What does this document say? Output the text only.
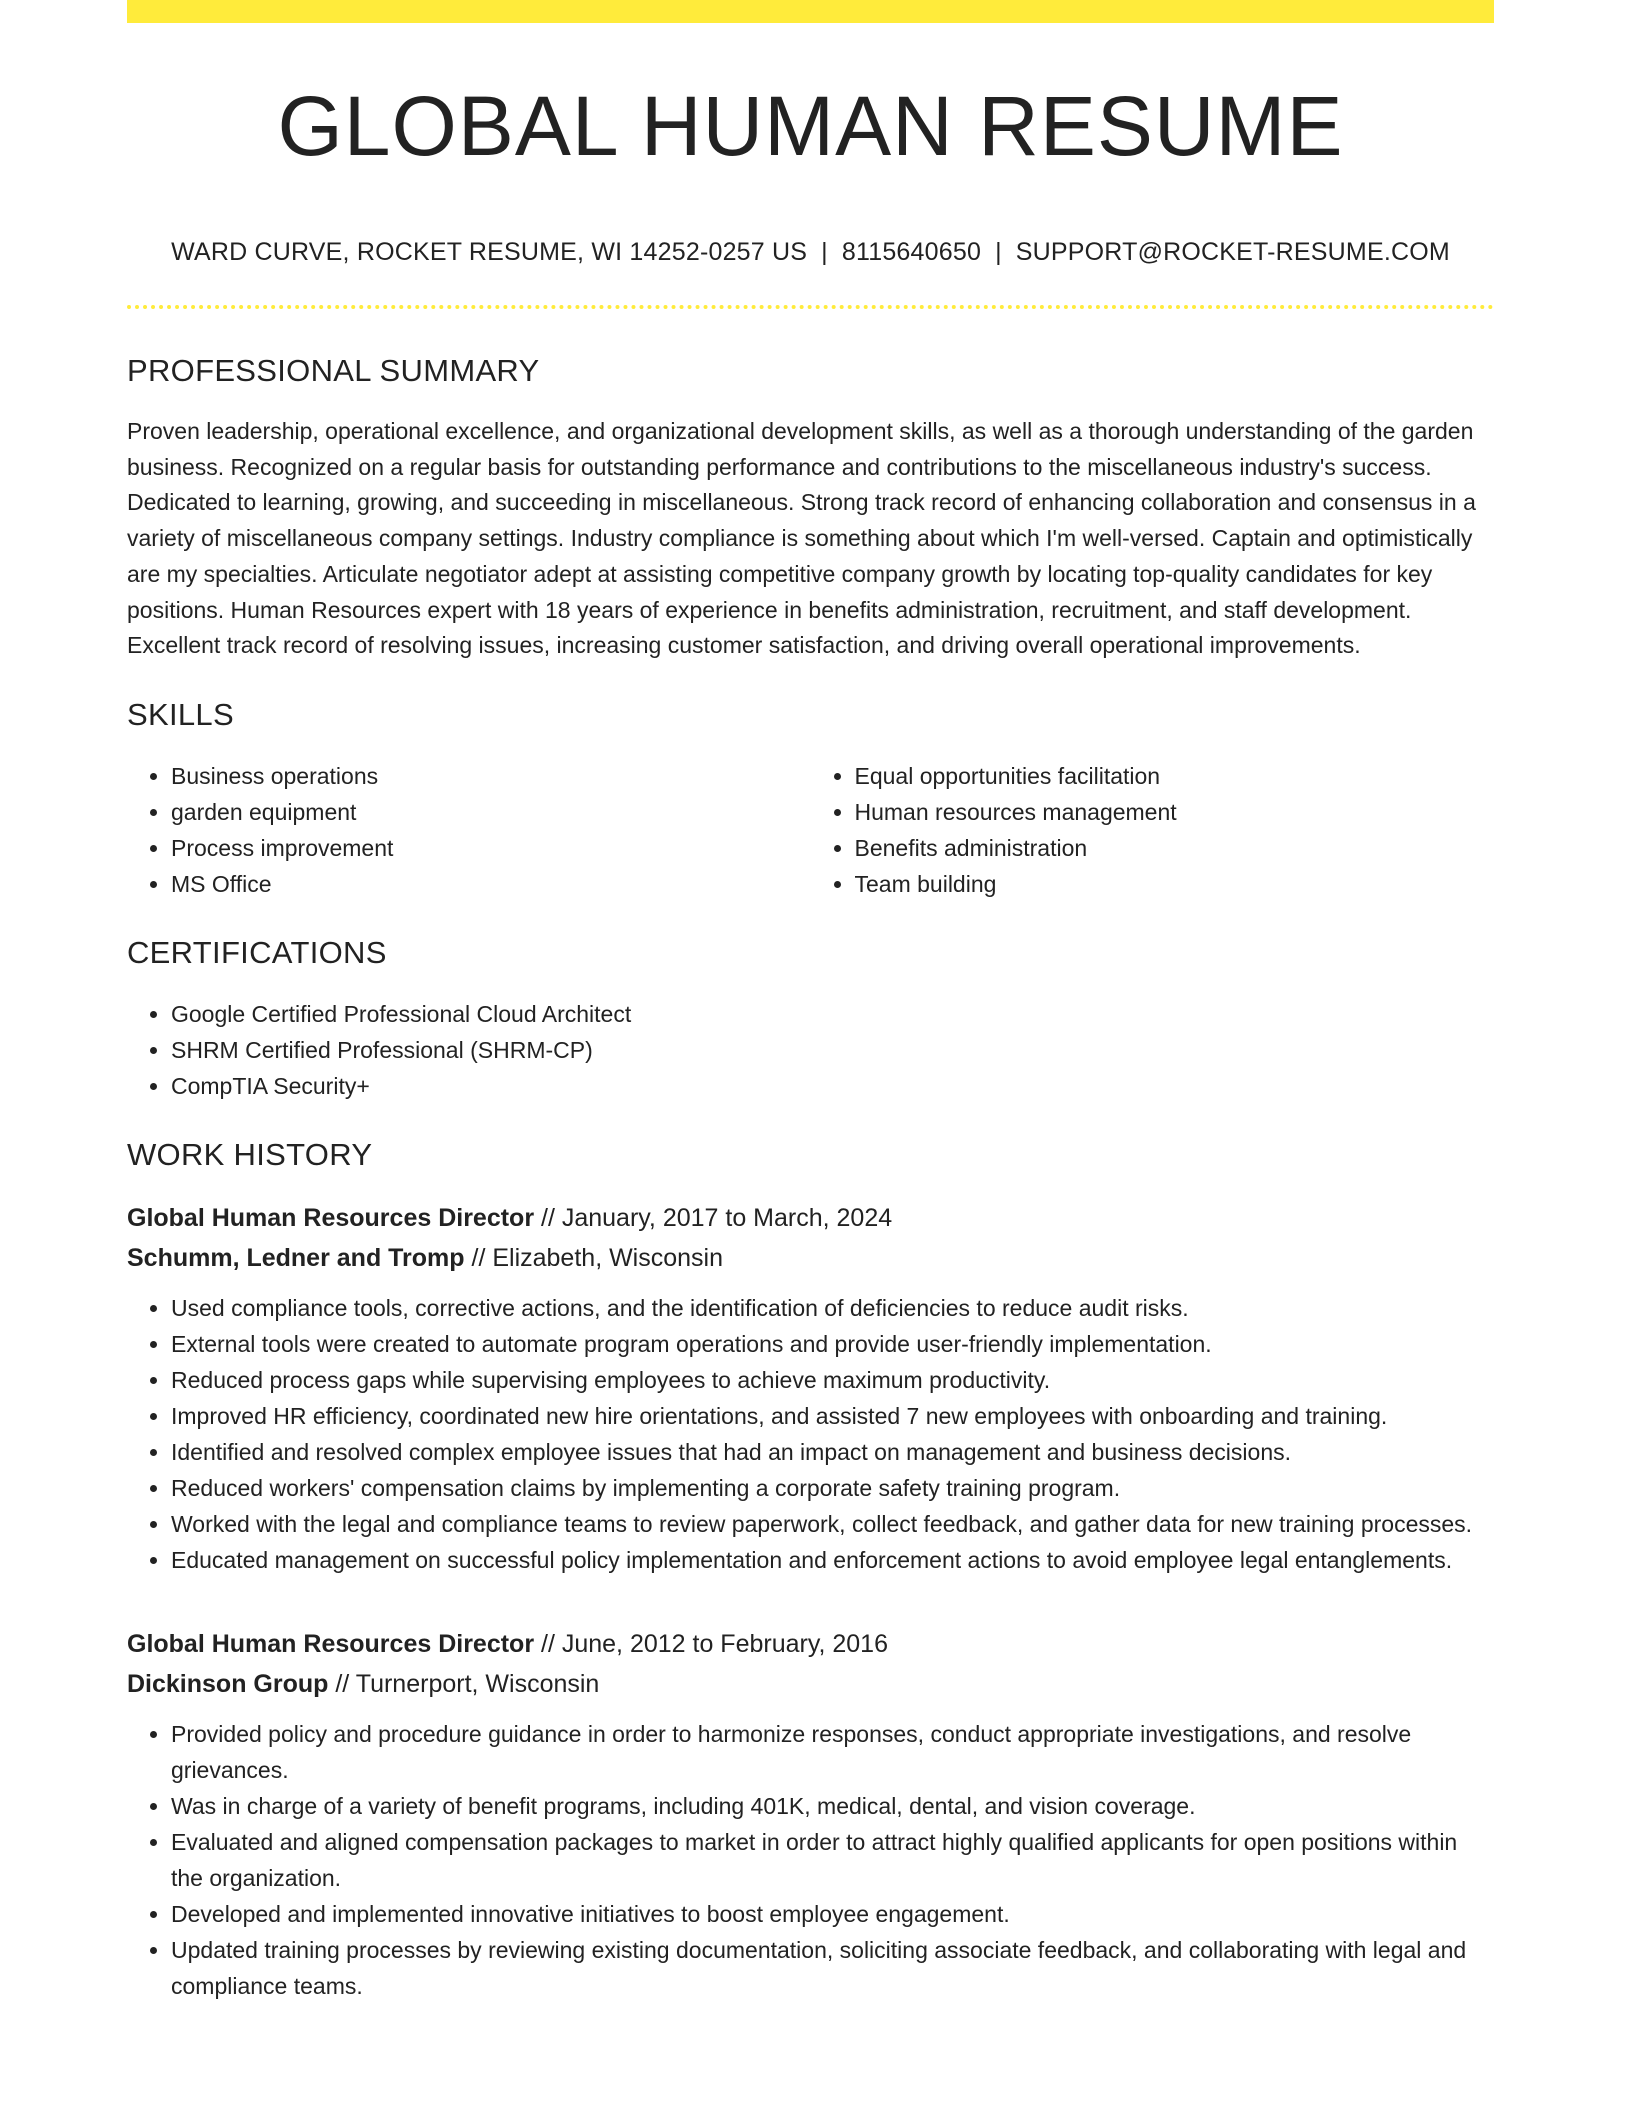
GLOBAL HUMAN RESUME
WARD CURVE, ROCKET RESUME, WI 14252-0257 US | 8115640650 | SUPPORT@ROCKET-RESUME.COM
PROFESSIONAL SUMMARY

Proven leadership, operational excellence, and organizational development skills, as well as a thorough understanding of the garden business. Recognized on a regular basis for outstanding performance and contributions to the miscellaneous industry's success. Dedicated to learning, growing, and succeeding in miscellaneous. Strong track record of enhancing collaboration and consensus in a variety of miscellaneous company settings. Industry compliance is something about which I'm well-versed. Captain and optimistically are my specialties. Articulate negotiator adept at assisting competitive company growth by locating top-quality candidates for key positions. Human Resources expert with 18 years of experience in benefits administration, recruitment, and staff development. Excellent track record of resolving issues, increasing customer satisfaction, and driving overall operational improvements.

SKILLS
• Business operations
• garden equipment
• Process improvement
• MS Office
• Equal opportunities facilitation
• Human resources management
• Benefits administration
• Team building
CERTIFICATIONS
• Google Certified Professional Cloud Architect
• SHRM Certified Professional (SHRM-CP)
• CompTIA Security+
WORK HISTORY
Global Human Resources Director // January, 2017 to March, 2024
Schumm, Ledner and Tromp // Elizabeth, Wisconsin
• Used compliance tools, corrective actions, and the identification of deficiencies to reduce audit risks.
• External tools were created to automate program operations and provide user-friendly implementation.
• Reduced process gaps while supervising employees to achieve maximum productivity.
• Improved HR efficiency, coordinated new hire orientations, and assisted 7 new employees with onboarding and training.
• Identified and resolved complex employee issues that had an impact on management and business decisions.
• Reduced workers' compensation claims by implementing a corporate safety training program.
• Worked with the legal and compliance teams to review paperwork, collect feedback, and gather data for new training processes.
• Educated management on successful policy implementation and enforcement actions to avoid employee legal entanglements.
Global Human Resources Director // June, 2012 to February, 2016
Dickinson Group // Turnerport, Wisconsin
• Provided policy and procedure guidance in order to harmonize responses, conduct appropriate investigations, and resolve grievances.
• Was in charge of a variety of benefit programs, including 401K, medical, dental, and vision coverage.
• Evaluated and aligned compensation packages to market in order to attract highly qualified applicants for open positions within the organization.
• Developed and implemented innovative initiatives to boost employee engagement.
• Updated training processes by reviewing existing documentation, soliciting associate feedback, and collaborating with legal and compliance teams.
